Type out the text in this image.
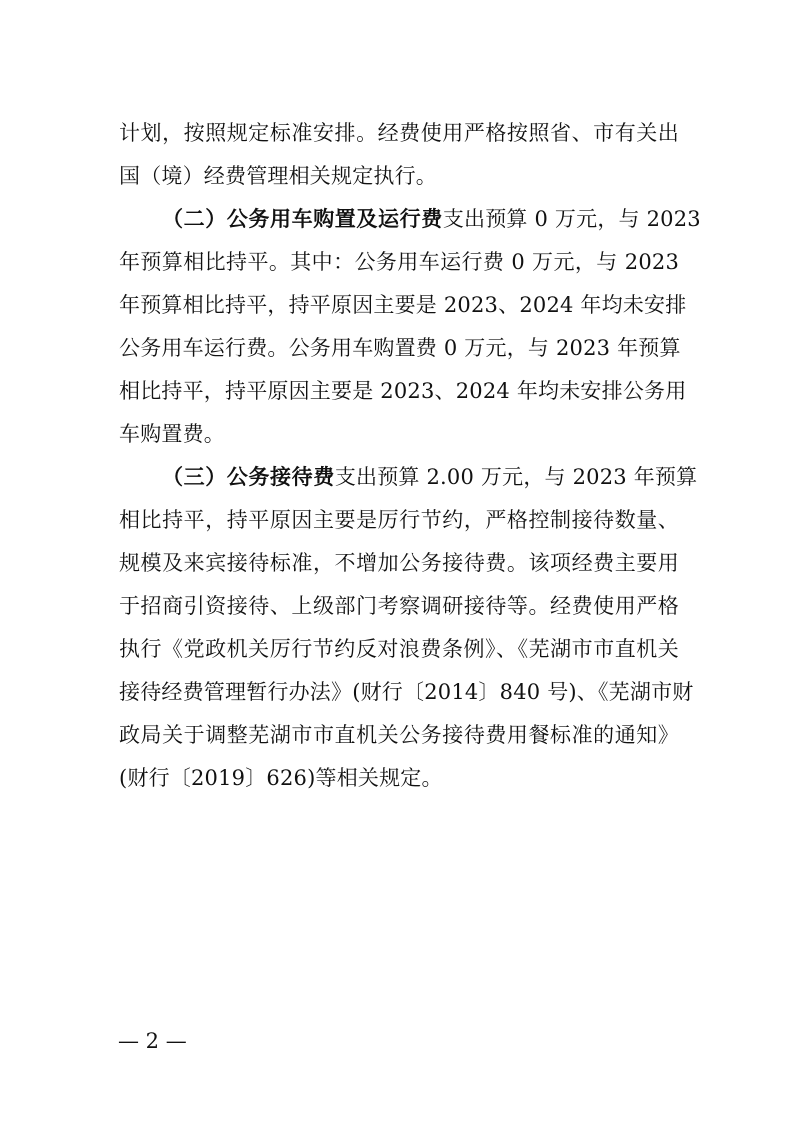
计划，按照规定标准安排。经费使用严格按照省、市有关出
国（境）经费管理相关规定执行。
（二）公务用车购置及运行费支出预算 0 万元，与 2023
年预算相比持平。其中：公务用车运行费 0 万元，与 2023
年预算相比持平，持平原因主要是 2023、2024 年均未安排
公务用车运行费。公务用车购置费 0 万元，与 2023 年预算
相比持平，持平原因主要是 2023、2024 年均未安排公务用
车购置费。
（三）公务接待费支出预算 2.00 万元，与 2023 年预算
相比持平，持平原因主要是厉行节约，严格控制接待数量、
规模及来宾接待标准，不增加公务接待费。该项经费主要用
于招商引资接待、上级部门考察调研接待等。经费使用严格
执行《党政机关厉行节约反对浪费条例》、《芜湖市市直机关
接待经费管理暂行办法》(财行〔2014〕840 号)、《芜湖市财
政局关于调整芜湖市市直机关公务接待费用餐标准的通知》
(财行〔2019〕626)等相关规定。
— 2 —
